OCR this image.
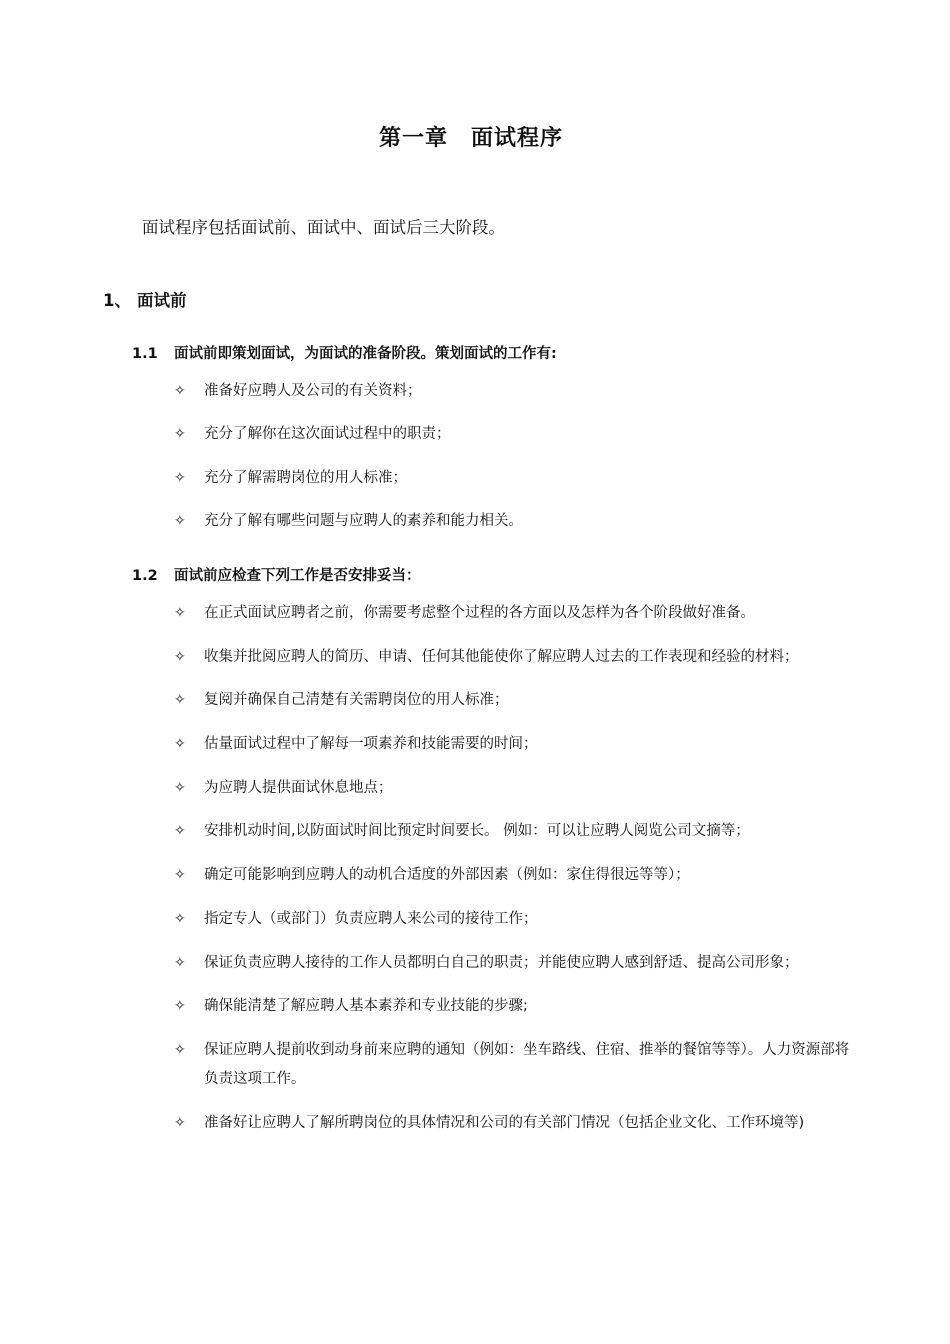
第一章　面试程序
面试程序包括面试前、面试中、面试后三大阶段。
1、 面试前
1.1 面试前即策划面试，为面试的准备阶段。策划面试的工作有:
✧ 准备好应聘人及公司的有关资料；
✧ 充分了解你在这次面试过程中的职责；
✧ 充分了解需聘岗位的用人标准；
✧ 充分了解有哪些问题与应聘人的素养和能力相关。
1.2 面试前应检查下列工作是否安排妥当：
✧ 在正式面试应聘者之前，你需要考虑整个过程的各方面以及怎样为各个阶段做好准备。
✧ 收集并批阅应聘人的简历、申请、任何其他能使你了解应聘人过去的工作表现和经验的材料；
✧ 复阅并确保自己清楚有关需聘岗位的用人标准；
✧ 估量面试过程中了解每一项素养和技能需要的时间；
✧ 为应聘人提供面试休息地点；
✧ 安排机动时间,以防面试时间比预定时间要长。 例如：可以让应聘人阅览公司文摘等；
✧ 确定可能影响到应聘人的动机合适度的外部因素（例如：家住得很远等等）；
✧ 指定专人（或部门）负责应聘人来公司的接待工作；
✧ 保证负责应聘人接待的工作人员都明白自己的职责；并能使应聘人感到舒适、提高公司形象；
✧ 确保能清楚了解应聘人基本素养和专业技能的步骤;
✧ 保证应聘人提前收到动身前来应聘的通知（例如：坐车路线、住宿、推举的餐馆等等）。人力资源部将负责这项工作。
✧ 准备好让应聘人了解所聘岗位的具体情况和公司的有关部门情况（包括企业文化、工作环境等)
